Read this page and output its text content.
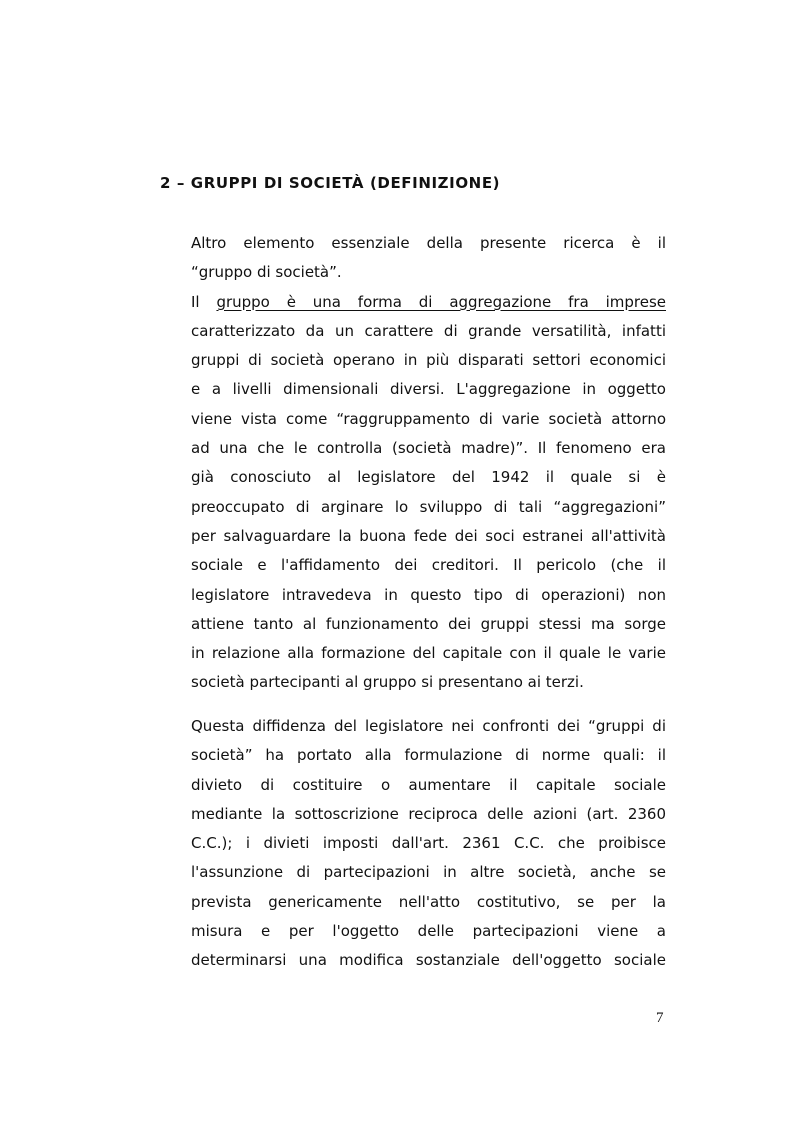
2 – GRUPPI DI SOCIETÀ (DEFINIZIONE)

Altro elemento essenziale della presente ricerca è il
“gruppo di società”.
Il gruppo è una forma di aggregazione fra imprese
caratterizzato da un carattere di grande versatilità, infatti
gruppi di società operano in più disparati settori economici
e a livelli dimensionali diversi. L'aggregazione in oggetto
viene vista come “raggruppamento di varie società attorno
ad una che le controlla (società madre)”. Il fenomeno era
già conosciuto al legislatore del 1942 il quale si è
preoccupato di arginare lo sviluppo di tali “aggregazioni”
per salvaguardare la buona fede dei soci estranei all'attività
sociale e l'affidamento dei creditori. Il pericolo (che il
legislatore intravedeva in questo tipo di operazioni) non
attiene tanto al funzionamento dei gruppi stessi ma sorge
in relazione alla formazione del capitale con il quale le varie
società partecipanti al gruppo si presentano ai terzi.

Questa diffidenza del legislatore nei confronti dei “gruppi di
società” ha portato alla formulazione di norme quali: il
divieto di costituire o aumentare il capitale sociale
mediante la sottoscrizione reciproca delle azioni (art. 2360
C.C.); i divieti imposti dall'art. 2361 C.C. che proibisce
l'assunzione di partecipazioni in altre società, anche se
prevista genericamente nell'atto costitutivo, se per la
misura e per l'oggetto delle partecipazioni viene a
determinarsi una modifica sostanziale dell'oggetto sociale

7
